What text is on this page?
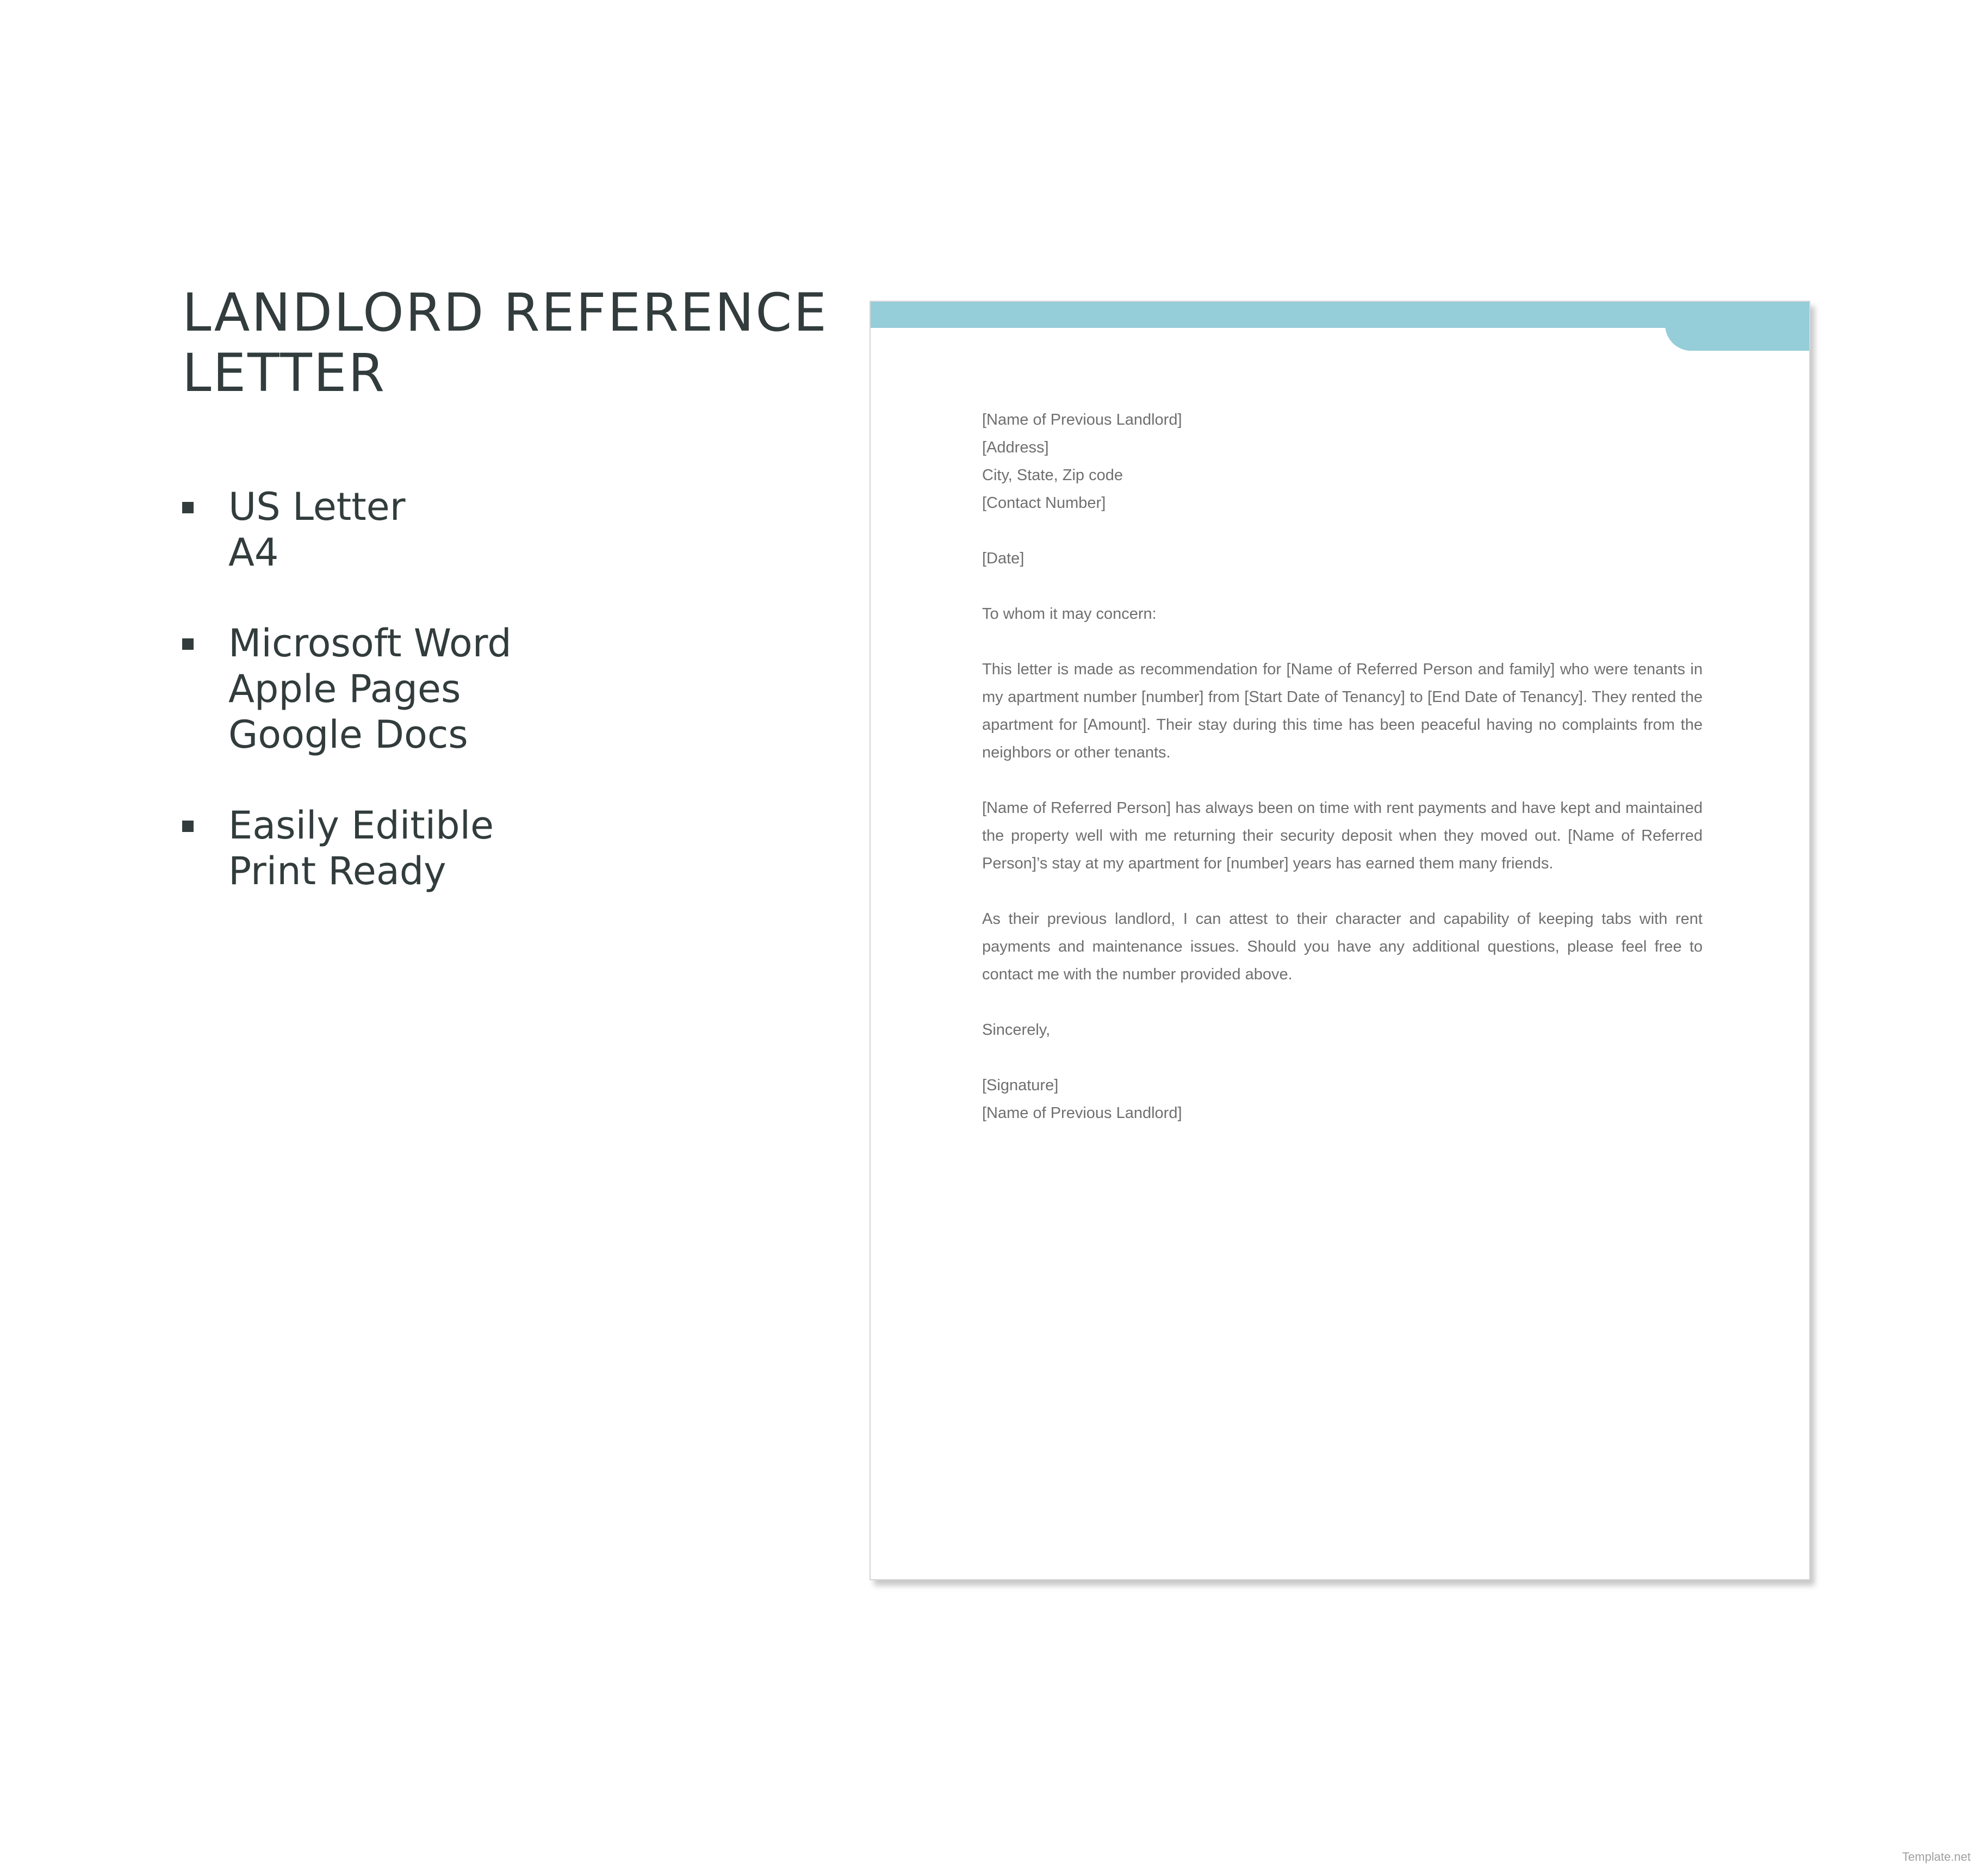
LANDLORD REFERENCE
LETTER
US Letter
A4
Microsoft Word
Apple Pages
Google Docs
Easily Editible
Print Ready
[Name of Previous Landlord]
[Address]
City, State, Zip code
[Contact Number]
[Date]
To whom it may concern:
This letter is made as recommendation for [Name of Referred Person and family] who were tenants in my apartment number [number] from [Start Date of Tenancy] to [End Date of Tenancy]. They rented the apartment for [Amount]. Their stay during this time has been peaceful having no complaints from the neighbors or other tenants.
[Name of Referred Person] has always been on time with rent payments and have kept and maintained the property well with me returning their security deposit when they moved out. [Name of Referred Person]’s stay at my apartment for [number] years has earned them many friends.
As their previous landlord, I can attest to their character and capability of keeping tabs with rent payments and maintenance issues. Should you have any additional questions, please feel free to contact me with the number provided above.
Sincerely,
[Signature]
[Name of Previous Landlord]
Template.net
